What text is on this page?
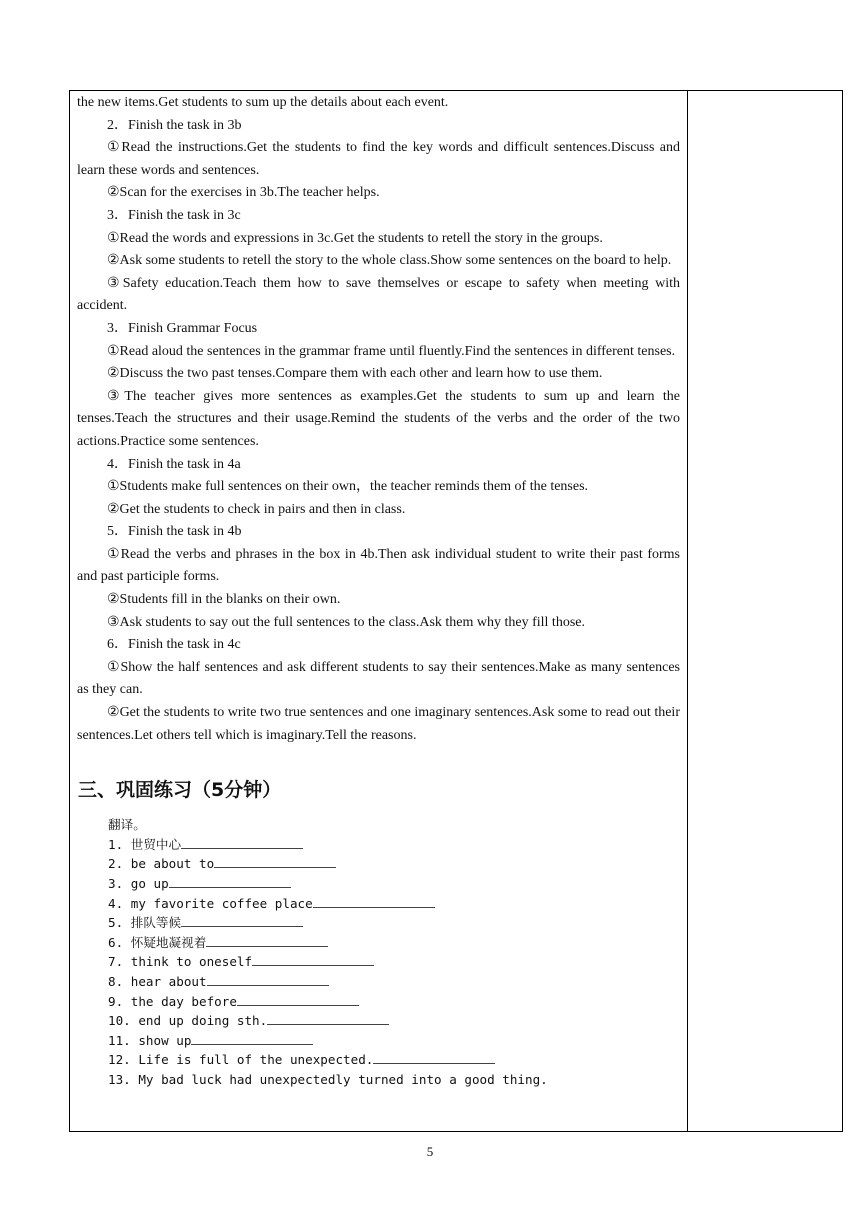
the new items.Get students to sum up the details about each event.

2．Finish the task in 3b

①Read the instructions.Get the students to find the key words and difficult sentences.Discuss and learn these words and sentences.

②Scan for the exercises in 3b.The teacher helps.

3．Finish the task in 3c

①Read the words and expressions in 3c.Get the students to retell the story in the groups.

②Ask some students to retell the story to the whole class.Show some sentences on the board to help.

③Safety education.Teach them how to save themselves or escape to safety when meeting with accident.

3．Finish Grammar Focus

①Read aloud the sentences in the grammar frame until fluently.Find the sentences in different tenses.

②Discuss the two past tenses.Compare them with each other and learn how to use them.

③The teacher gives more sentences as examples.Get the students to sum up and learn the tenses.Teach the structures and their usage.Remind the students of the verbs and the order of the two actions.Practice some sentences.

4．Finish the task in 4a

①Students make full sentences on their own，the teacher reminds them of the tenses.

②Get the students to check in pairs and then in class.

5．Finish the task in 4b

①Read the verbs and phrases in the box in 4b.Then ask individual student to write their past forms and past participle forms.

②Students fill in the blanks on their own.

③Ask students to say out the full sentences to the class.Ask them why they fill those.

6．Finish the task in 4c

①Show the half sentences and ask different students to say their sentences.Make as many sentences as they can.

②Get the students to write two true sentences and one imaginary sentences.Ask some to read out their sentences.Let others tell which is imaginary.Tell the reasons.

三、巩固练习（5分钟）
翻译。
1. 世贸中心
2. be about to
3. go up
4. my favorite coffee place
5. 排队等候
6. 怀疑地凝视着
7. think to oneself
8. hear about
9. the day before
10. end up doing sth.
11. show up
12. Life is full of the unexpected.
13. My bad luck had unexpectedly turned into a good thing.
5
